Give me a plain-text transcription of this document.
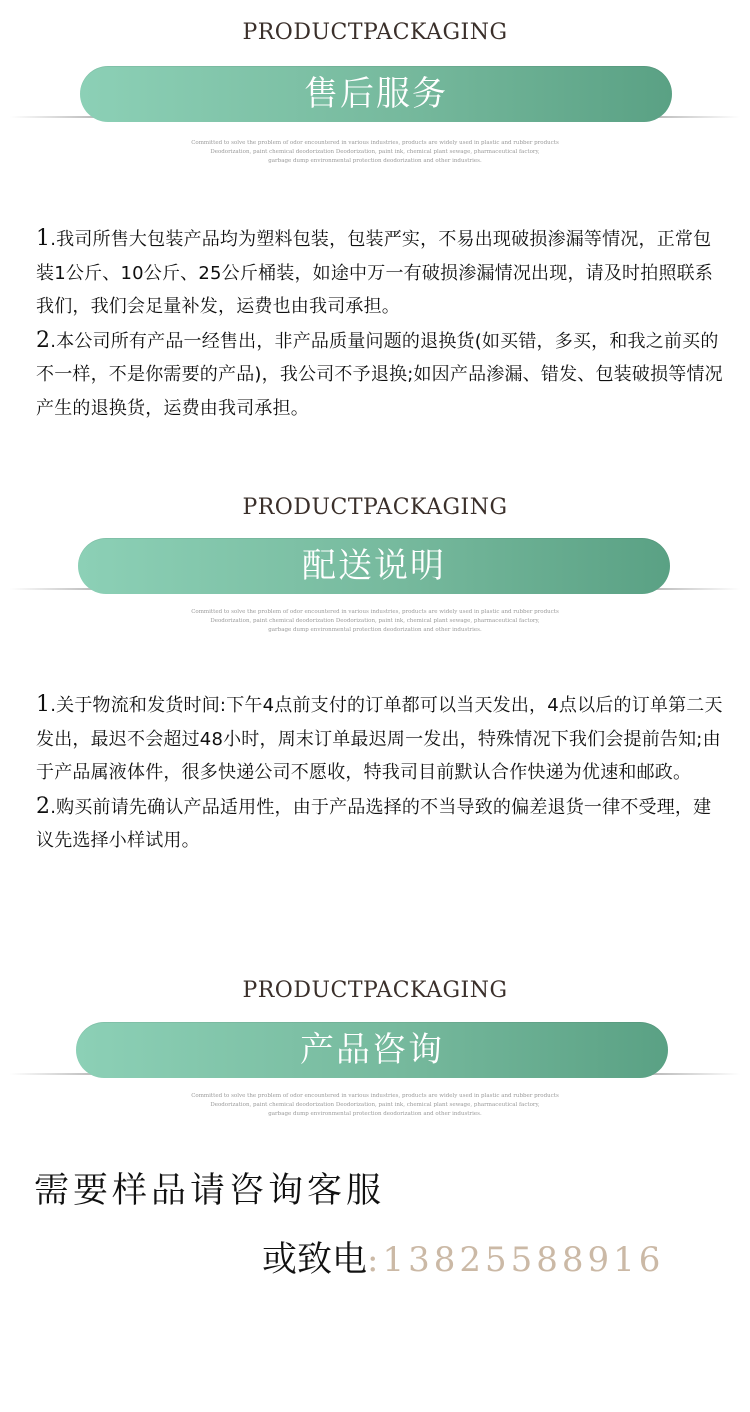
PRODUCTPACKAGING
售后服务
Committed to solve the problem of odor encountered in various industries, products are widely used in plastic and rubber products
Deodorization, paint chemical deodorization Deodorization, paint ink, chemical plant sewage, pharmaceutical factory,
garbage dump environmental protection deodorization and other industries.

1.我司所售大包装产品均为塑料包装，包装严实，不易出现破损渗漏等情况，正常包装1公斤、10公斤、25公斤桶装，如途中万一有破损渗漏情况出现，请及时拍照联系我们，我们会足量补发，运费也由我司承担。

2.本公司所有产品一经售出，非产品质量问题的退换货(如买错，多买，和我之前买的不一样，不是你需要的产品)，我公司不予退换;如因产品渗漏、错发、包装破损等情况产生的退换货，运费由我司承担。

PRODUCTPACKAGING
配送说明
Committed to solve the problem of odor encountered in various industries, products are widely used in plastic and rubber products
Deodorization, paint chemical deodorization Deodorization, paint ink, chemical plant sewage, pharmaceutical factory,
garbage dump environmental protection deodorization and other industries.

1.关于物流和发货时间:下午4点前支付的订单都可以当天发出，4点以后的订单第二天发出，最迟不会超过48小时，周末订单最迟周一发出，特殊情况下我们会提前告知;由于产品属液体件，很多快递公司不愿收，特我司目前默认合作快递为优速和邮政。

2.购买前请先确认产品适用性，由于产品选择的不当导致的偏差退货一律不受理，建议先选择小样试用。

PRODUCTPACKAGING
产品咨询
Committed to solve the problem of odor encountered in various industries, products are widely used in plastic and rubber products
Deodorization, paint chemical deodorization Deodorization, paint ink, chemical plant sewage, pharmaceutical factory,
garbage dump environmental protection deodorization and other industries.
需要样品请咨询客服
或致电:13825588916
